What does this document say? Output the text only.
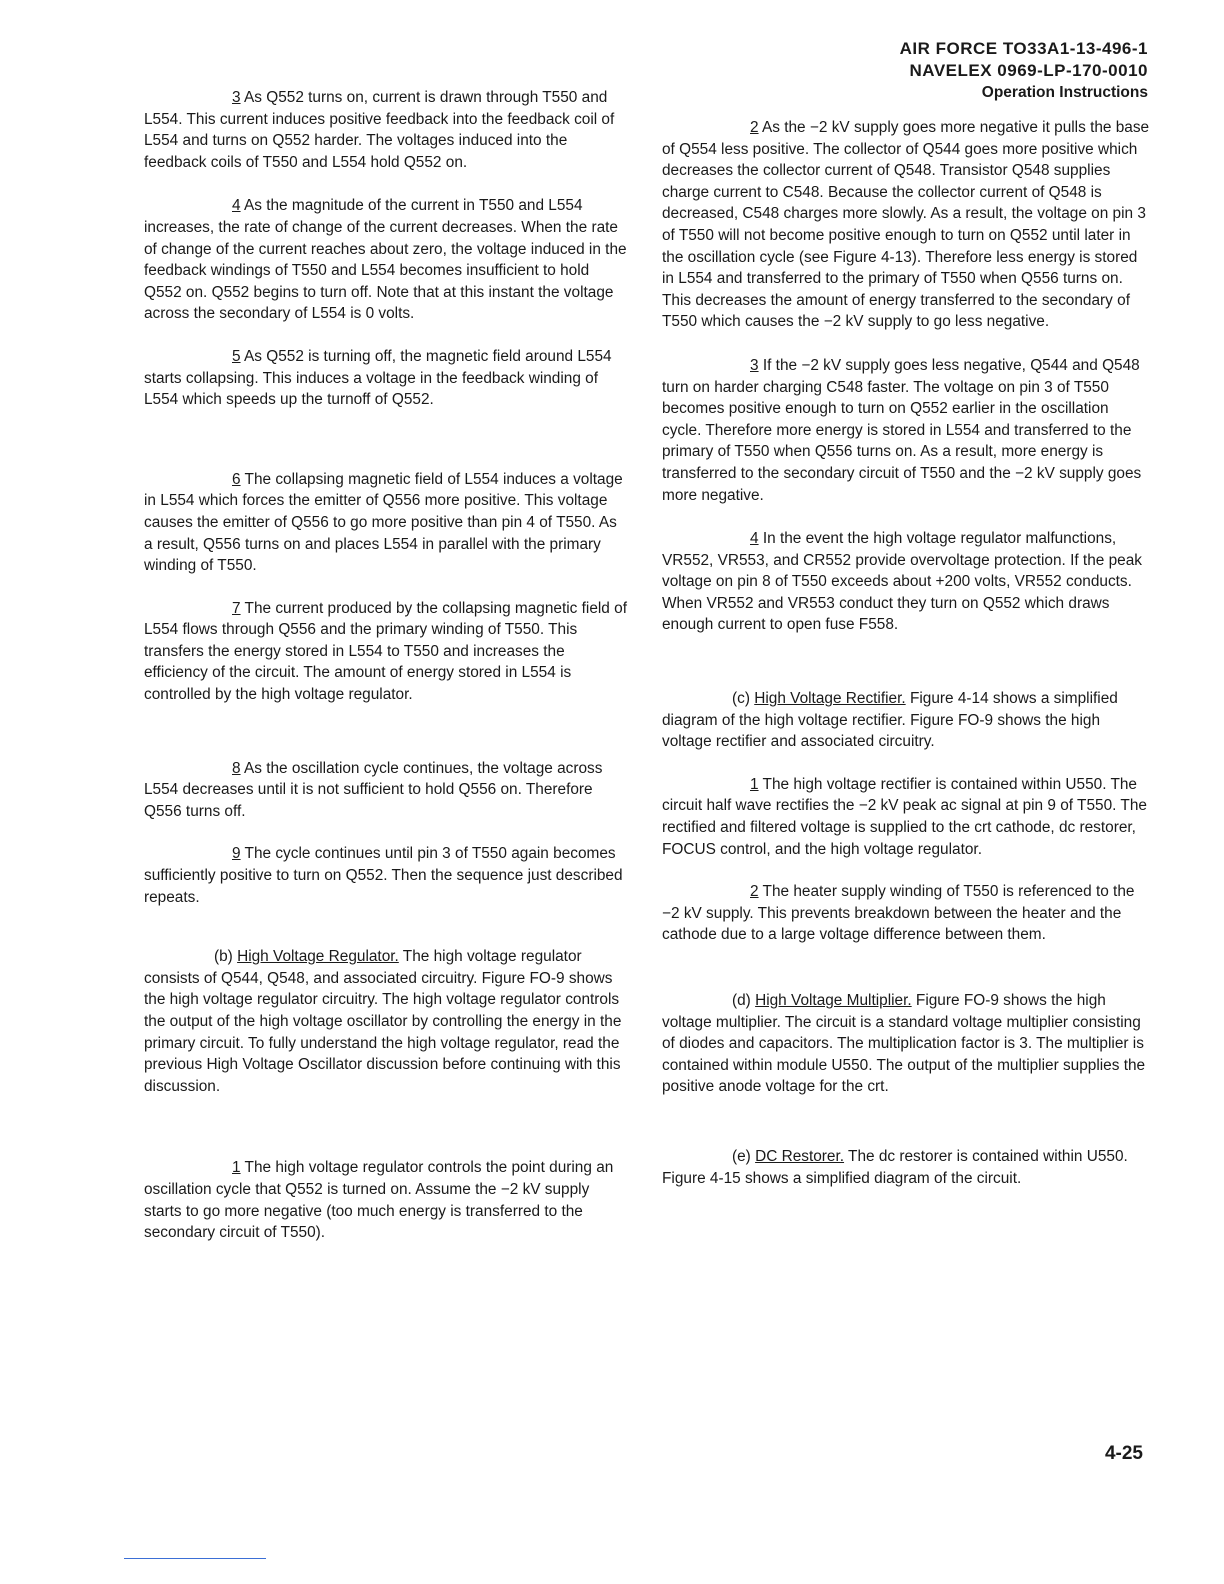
AIR FORCE TO33A1-13-496-1
NAVELEX 0969-LP-170-0010
Operation Instructions

3 As Q552 turns on, current is drawn through T550 and L554. This current induces positive feedback into the feedback coil of L554 and turns on Q552 harder. The voltages induced into the feedback coils of T550 and L554 hold Q552 on.

4 As the magnitude of the current in T550 and L554 increases, the rate of change of the current decreases. When the rate of change of the current reaches about zero, the voltage induced in the feedback windings of T550 and L554 becomes insufficient to hold Q552 on. Q552 begins to turn off. Note that at this instant the voltage across the secondary of L554 is 0 volts.

5 As Q552 is turning off, the magnetic field around L554 starts collapsing. This induces a voltage in the feedback winding of L554 which speeds up the turnoff of Q552.

6 The collapsing magnetic field of L554 induces a voltage in L554 which forces the emitter of Q556 more positive. This voltage causes the emitter of Q556 to go more positive than pin 4 of T550. As a result, Q556 turns on and places L554 in parallel with the primary winding of T550.

7 The current produced by the collapsing magnetic field of L554 flows through Q556 and the primary winding of T550. This transfers the energy stored in L554 to T550 and increases the efficiency of the circuit. The amount of energy stored in L554 is controlled by the high voltage regulator.

8 As the oscillation cycle continues, the voltage across L554 decreases until it is not sufficient to hold Q556 on. Therefore Q556 turns off.

9 The cycle continues until pin 3 of T550 again becomes sufficiently positive to turn on Q552. Then the sequence just described repeats.

(b) High Voltage Regulator. The high voltage regulator consists of Q544, Q548, and associated circuitry. Figure FO-9 shows the high voltage regulator circuitry. The high voltage regulator controls the output of the high voltage oscillator by controlling the energy in the primary circuit. To fully understand the high voltage regulator, read the previous High Voltage Oscillator discussion before continuing with this discussion.

1 The high voltage regulator controls the point during an oscillation cycle that Q552 is turned on. Assume the −2 kV supply starts to go more negative (too much energy is transferred to the secondary circuit of T550).

2 As the −2 kV supply goes more negative it pulls the base of Q554 less positive. The collector of Q544 goes more positive which decreases the collector current of Q548. Transistor Q548 supplies charge current to C548. Because the collector current of Q548 is decreased, C548 charges more slowly. As a result, the voltage on pin 3 of T550 will not become positive enough to turn on Q552 until later in the oscillation cycle (see Figure 4-13). Therefore less energy is stored in L554 and transferred to the primary of T550 when Q556 turns on. This decreases the amount of energy transferred to the secondary of T550 which causes the −2 kV supply to go less negative.

3 If the −2 kV supply goes less negative, Q544 and Q548 turn on harder charging C548 faster. The voltage on pin 3 of T550 becomes positive enough to turn on Q552 earlier in the oscillation cycle. Therefore more energy is stored in L554 and transferred to the primary of T550 when Q556 turns on. As a result, more energy is transferred to the secondary circuit of T550 and the −2 kV supply goes more negative.

4 In the event the high voltage regulator malfunctions, VR552, VR553, and CR552 provide overvoltage protection. If the peak voltage on pin 8 of T550 exceeds about +200 volts, VR552 conducts. When VR552 and VR553 conduct they turn on Q552 which draws enough current to open fuse F558.

(c) High Voltage Rectifier. Figure 4-14 shows a simplified diagram of the high voltage rectifier. Figure FO-9 shows the high voltage rectifier and associated circuitry.

1 The high voltage rectifier is contained within U550. The circuit half wave rectifies the −2 kV peak ac signal at pin 9 of T550. The rectified and filtered voltage is supplied to the crt cathode, dc restorer, FOCUS control, and the high voltage regulator.

2 The heater supply winding of T550 is referenced to the −2 kV supply. This prevents breakdown between the heater and the cathode due to a large voltage difference between them.

(d) High Voltage Multiplier. Figure FO-9 shows the high voltage multiplier. The circuit is a standard voltage multiplier consisting of diodes and capacitors. The multiplication factor is 3. The multiplier is contained within module U550. The output of the multiplier supplies the positive anode voltage for the crt.

(e) DC Restorer. The dc restorer is contained within U550. Figure 4-15 shows a simplified diagram of the circuit.

4-25
